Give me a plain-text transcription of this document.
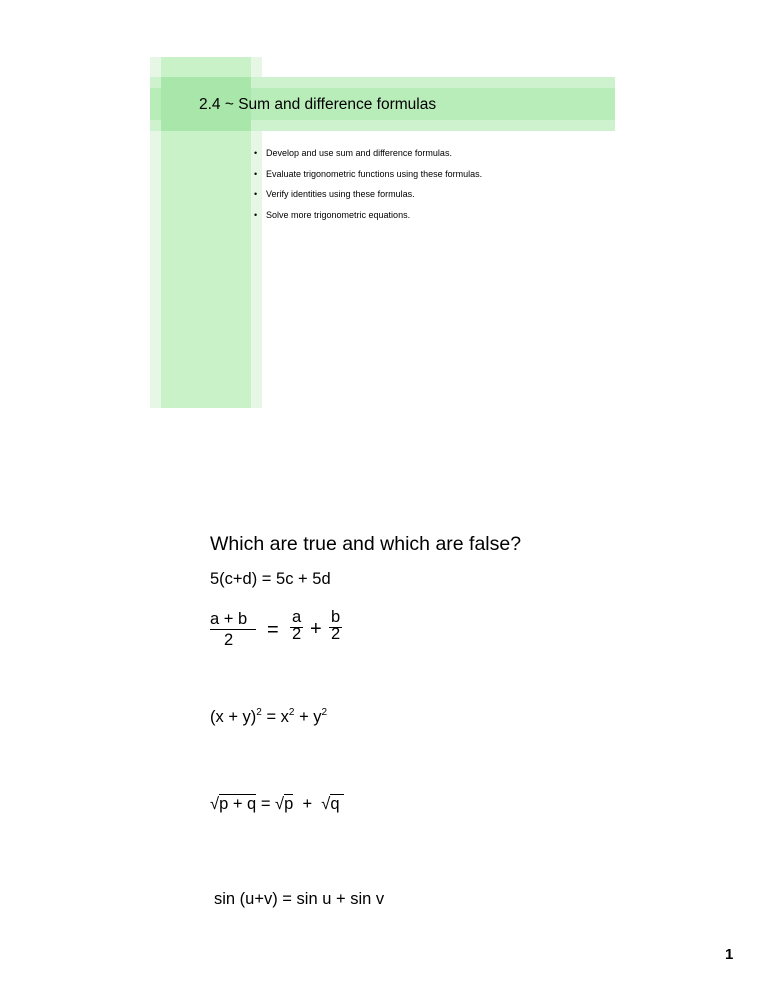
2.4 ~ Sum and difference formulas
• Develop and use sum and difference formulas.
• Evaluate trigonometric functions using these formulas.
• Verify identities using these formulas.
• Solve more trigonometric equations.
Which are true and which are false?
5(c+d) = 5c + 5d
a + b
2 =
a
2 +
b
2
$(x + y)^2 = x^2 + y^2$
√p + q = √p  +  √q
sin (u+v) = sin u + sin v
1
